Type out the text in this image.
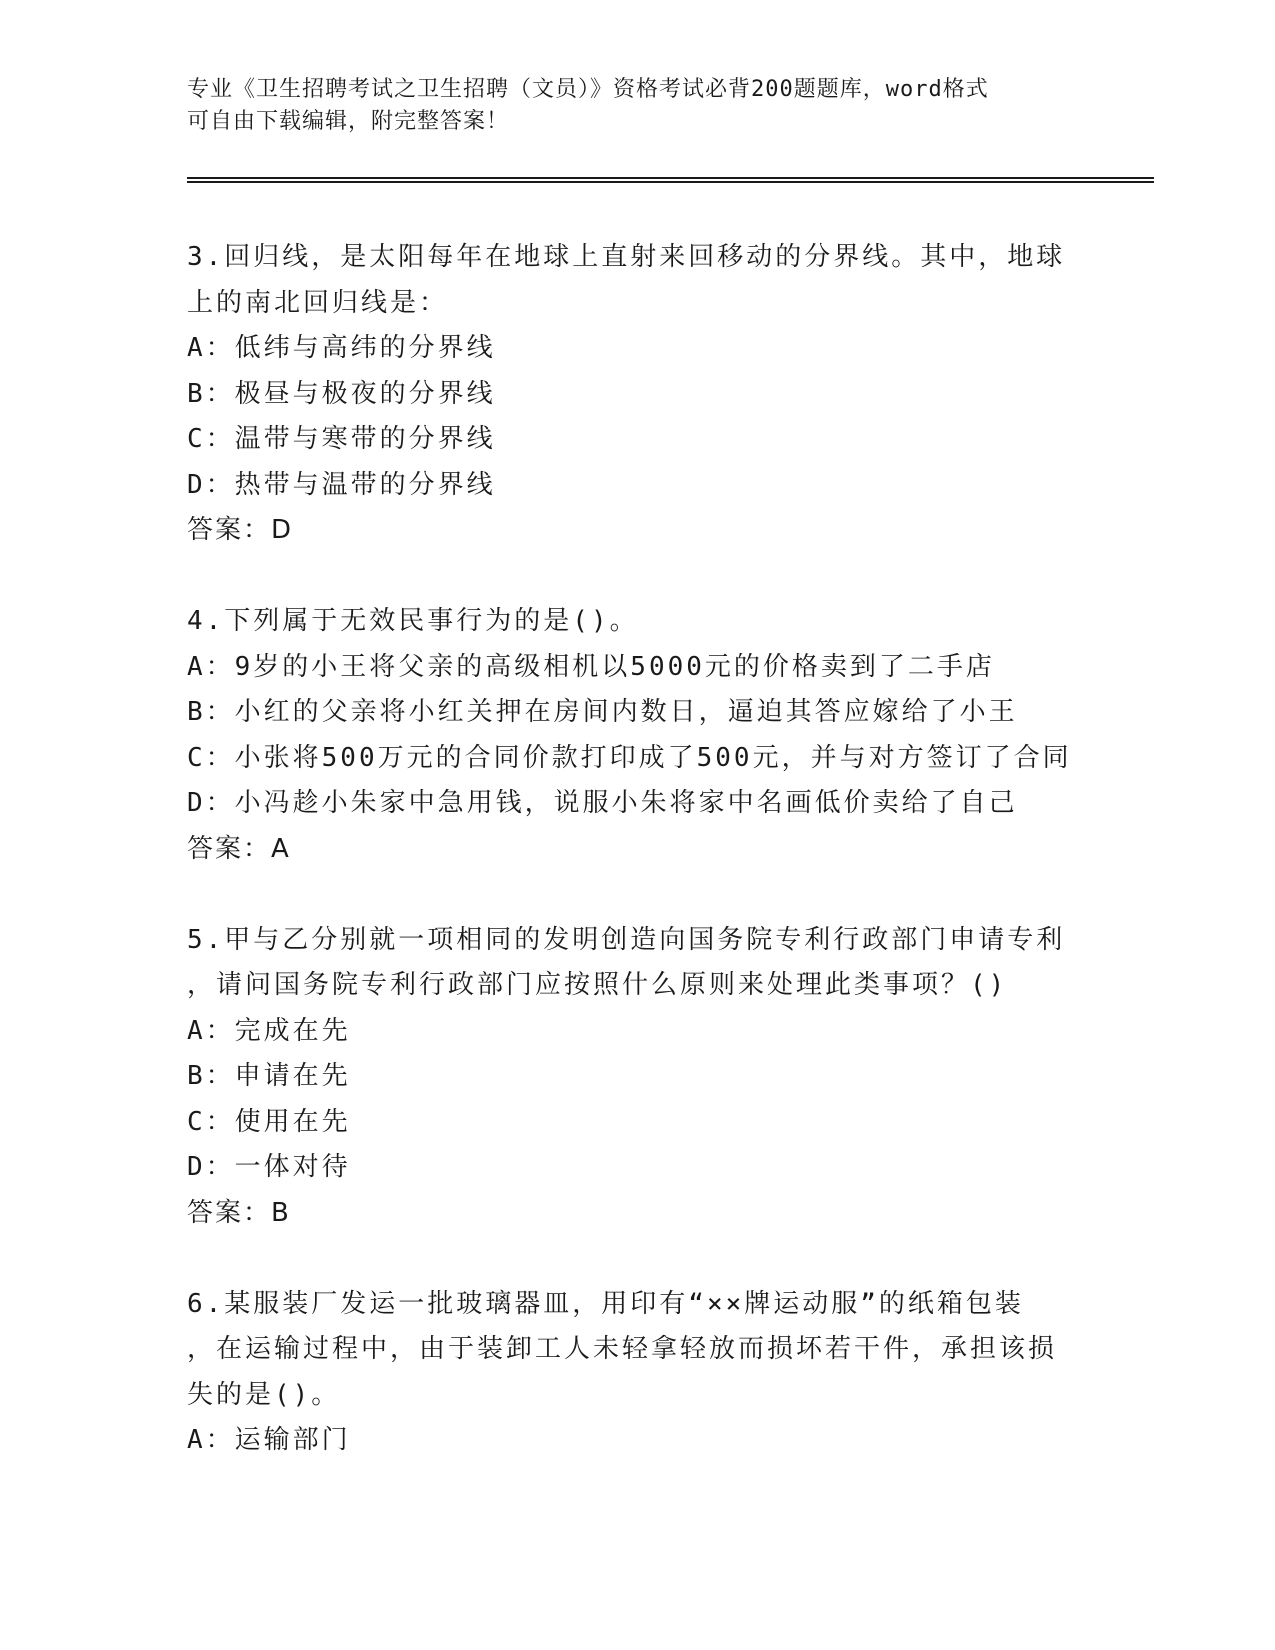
专业《卫生招聘考试之卫生招聘（文员）》资格考试必背200题题库，word格式
可自由下载编辑，附完整答案！
3.回归线，是太阳每年在地球上直射来回移动的分界线。其中，地球
上的南北回归线是：
A：低纬与高纬的分界线
B：极昼与极夜的分界线
C：温带与寒带的分界线
D：热带与温带的分界线
答案：D
4.下列属于无效民事行为的是()。
A：9岁的小王将父亲的高级相机以5000元的价格卖到了二手店
B：小红的父亲将小红关押在房间内数日，逼迫其答应嫁给了小王
C：小张将500万元的合同价款打印成了500元，并与对方签订了合同
D：小冯趁小朱家中急用钱，说服小朱将家中名画低价卖给了自己
答案：A
5.甲与乙分别就一项相同的发明创造向国务院专利行政部门申请专利
，请问国务院专利行政部门应按照什么原则来处理此类事项？()
A：完成在先
B：申请在先
C：使用在先
D：一体对待
答案：B
6.某服装厂发运一批玻璃器皿，用印有“××牌运动服”的纸箱包装
，在运输过程中，由于装卸工人未轻拿轻放而损坏若干件，承担该损
失的是()。
A：运输部门
